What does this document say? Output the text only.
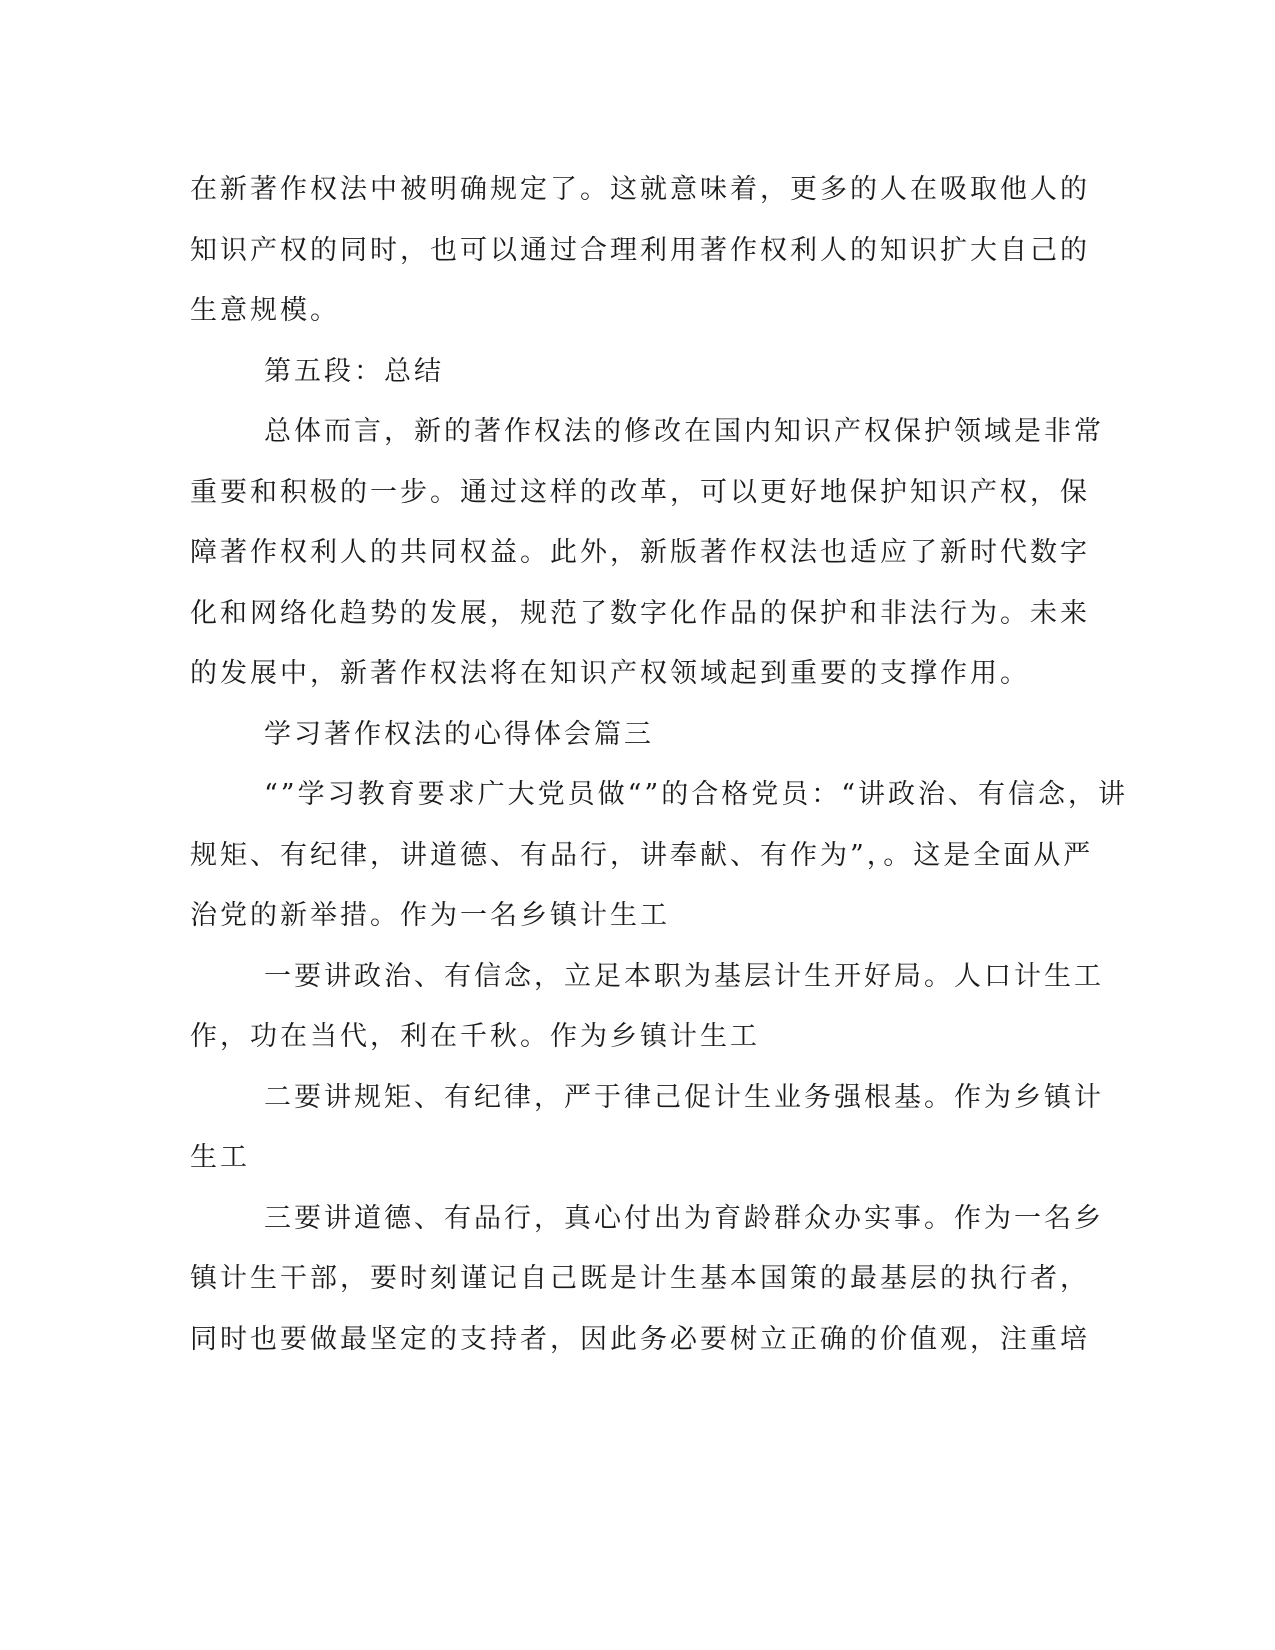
在新著作权法中被明确规定了。这就意味着，更多的人在吸取他人的
知识产权的同时，也可以通过合理利用著作权利人的知识扩大自己的
生意规模。
第五段：总结
总体而言，新的著作权法的修改在国内知识产权保护领域是非常
重要和积极的一步。通过这样的改革，可以更好地保护知识产权，保
障著作权利人的共同权益。此外，新版著作权法也适应了新时代数字
化和网络化趋势的发展，规范了数字化作品的保护和非法行为。未来
的发展中，新著作权法将在知识产权领域起到重要的支撑作用。
学习著作权法的心得体会篇三
“”学习教育要求广大党员做“”的合格党员：“讲政治、有信念，讲
规矩、有纪律，讲道德、有品行，讲奉献、有作为”，。这是全面从严
治党的新举措。作为一名乡镇计生工
一要讲政治、有信念，立足本职为基层计生开好局。人口计生工
作，功在当代，利在千秋。作为乡镇计生工
二要讲规矩、有纪律，严于律己促计生业务强根基。作为乡镇计
生工
三要讲道德、有品行，真心付出为育龄群众办实事。作为一名乡
镇计生干部，要时刻谨记自己既是计生基本国策的最基层的执行者，
同时也要做最坚定的支持者，因此务必要树立正确的价值观，注重培
